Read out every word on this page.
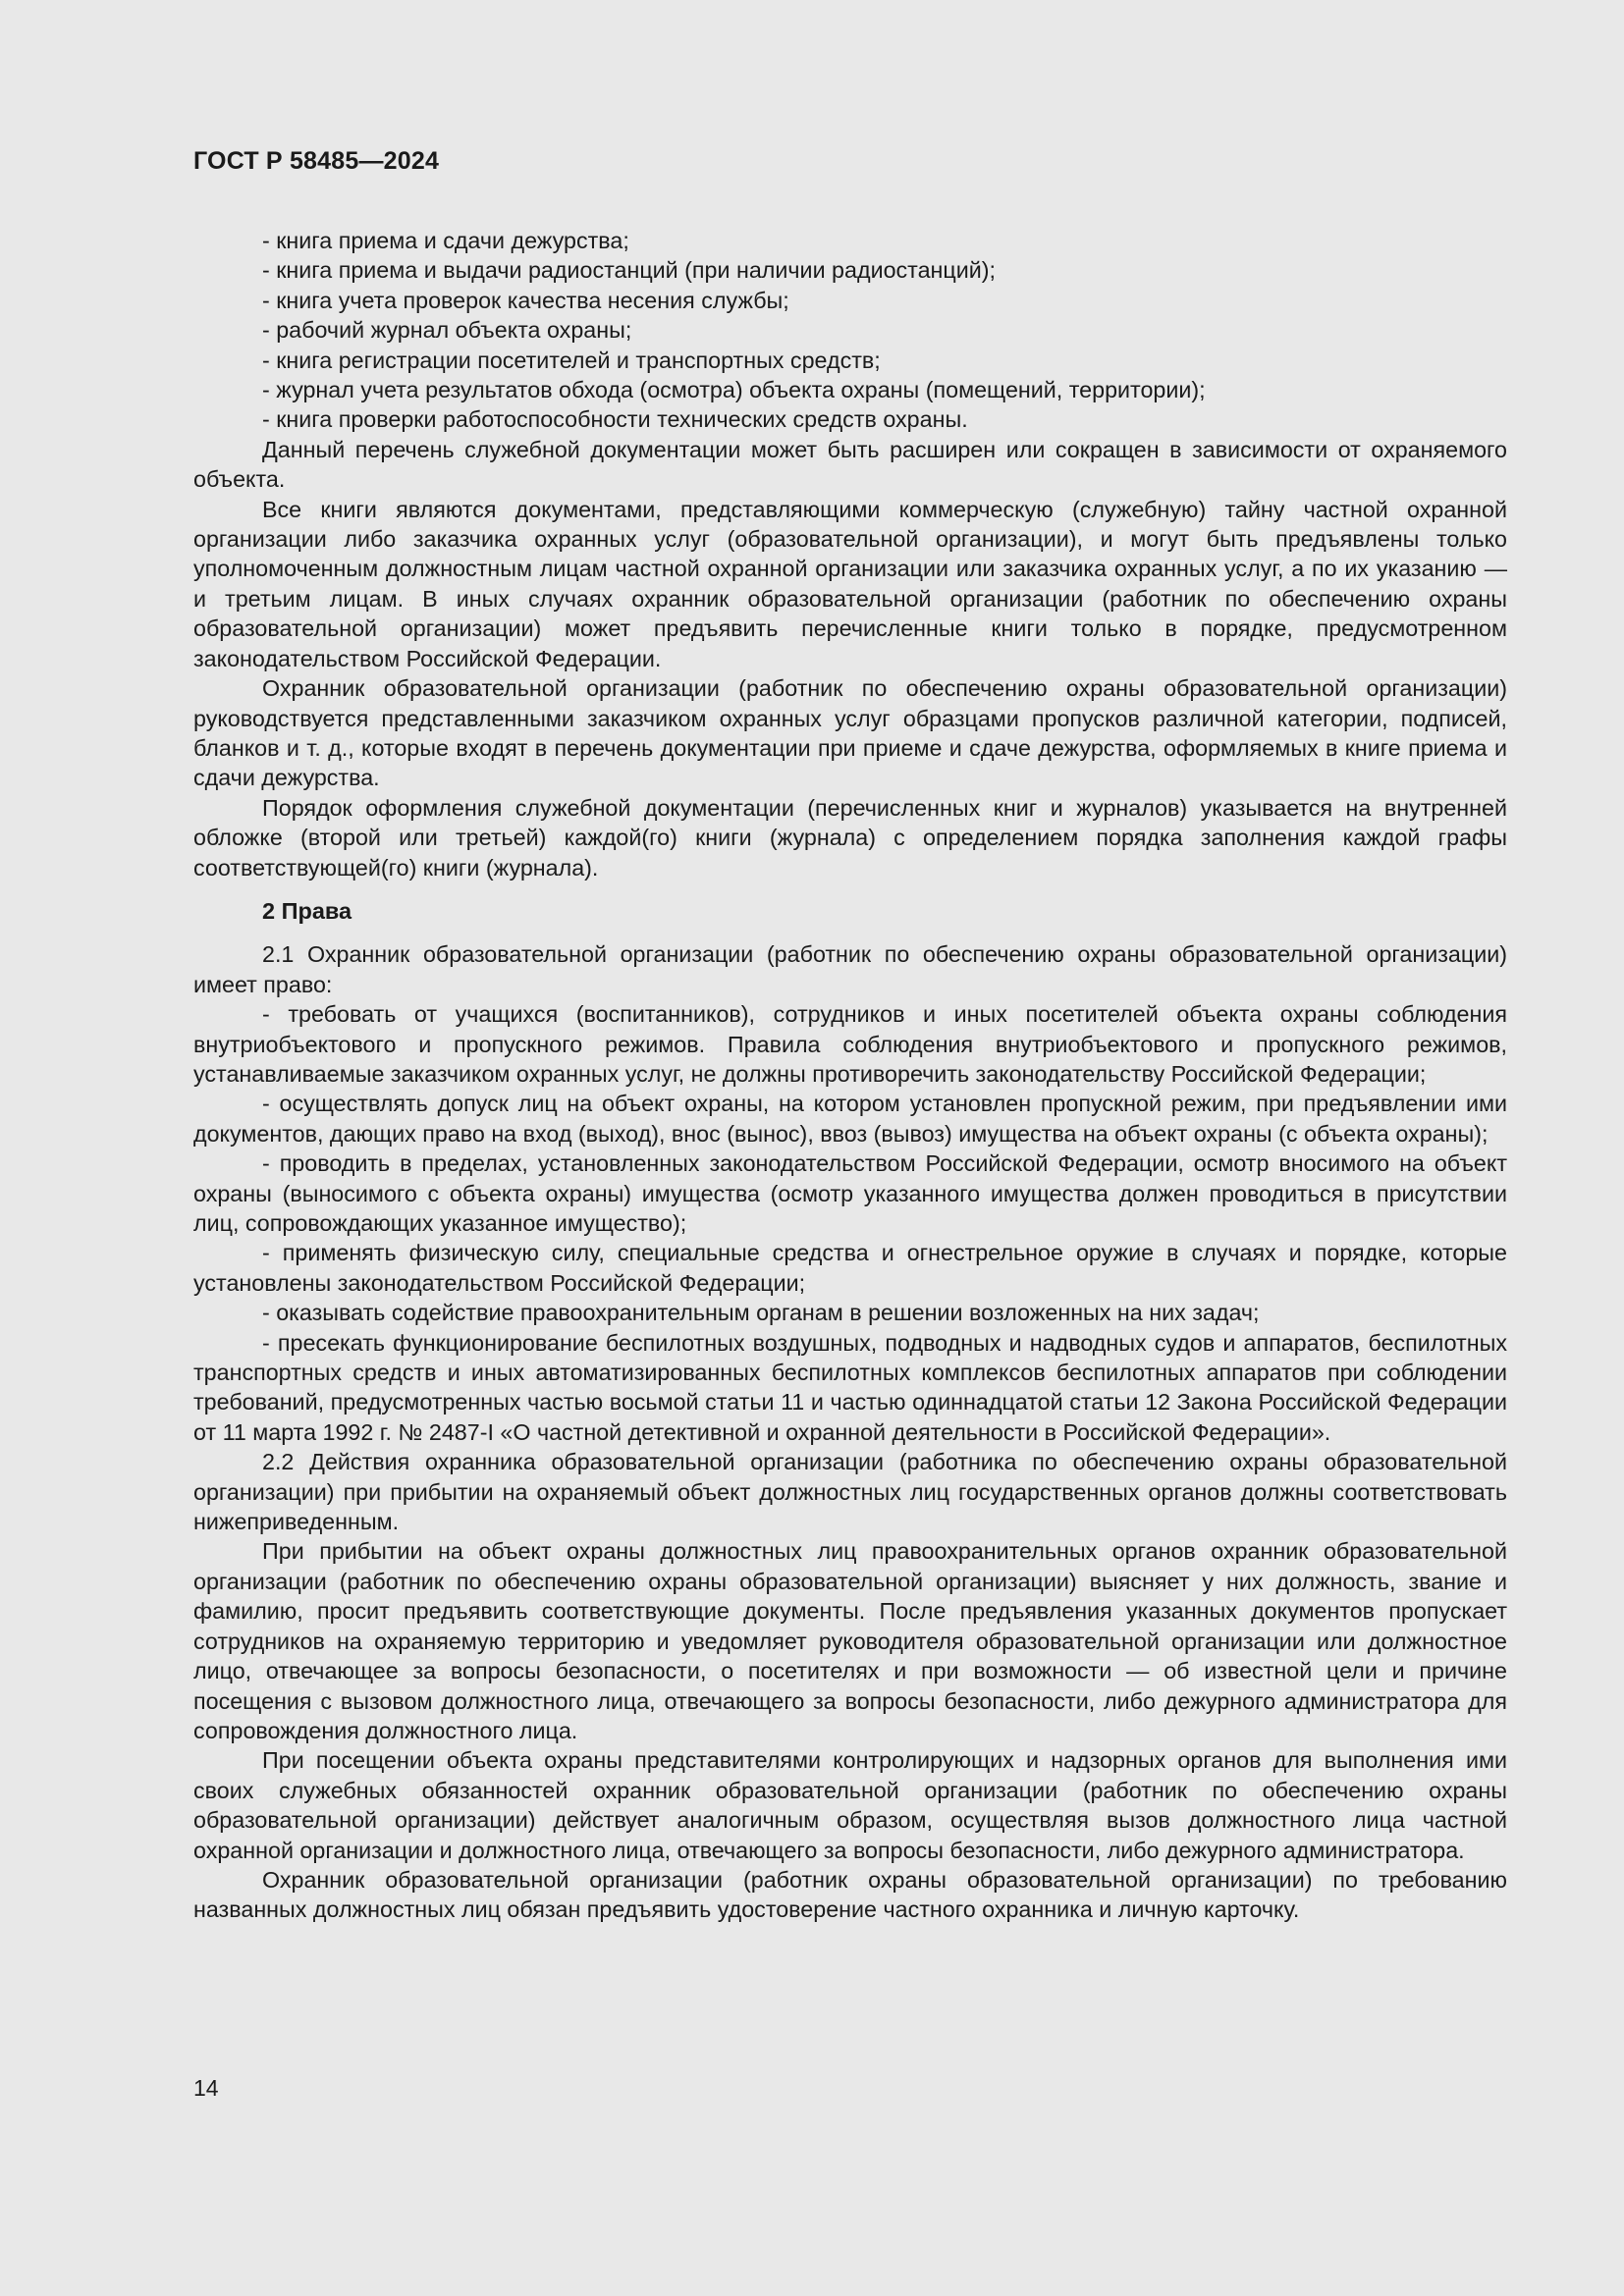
ГОСТ Р 58485—2024

- книга приема и сдачи дежурства;

- книга приема и выдачи радиостанций (при наличии радиостанций);

- книга учета проверок качества несения службы;

- рабочий журнал объекта охраны;

- книга регистрации посетителей и транспортных средств;

- журнал учета результатов обхода (осмотра) объекта охраны (помещений, территории);

- книга проверки работоспособности технических средств охраны.

Данный перечень служебной документации может быть расширен или сокращен в зависимости от охраняемого объекта.

Все книги являются документами, представляющими коммерческую (служебную) тайну частной охранной организации либо заказчика охранных услуг (образовательной организации), и могут быть предъявлены только уполномоченным должностным лицам частной охранной организации или заказчика охранных услуг, а по их указанию — и третьим лицам. В иных случаях охранник образовательной организации (работник по обеспечению охраны образовательной организации) может предъявить перечисленные книги только в порядке, предусмотренном законодательством Российской Федерации.

Охранник образовательной организации (работник по обеспечению охраны образовательной организации) руководствуется представленными заказчиком охранных услуг образцами пропусков различной категории, подписей, бланков и т. д., которые входят в перечень документации при приеме и сдаче дежурства, оформляемых в книге приема и сдачи дежурства.

Порядок оформления служебной документации (перечисленных книг и журналов) указывается на внутренней обложке (второй или третьей) каждой(го) книги (журнала) с определением порядка заполнения каждой графы соответствующей(го) книги (журнала).

2 Права

2.1 Охранник образовательной организации (работник по обеспечению охраны образовательной организации) имеет право:

- требовать от учащихся (воспитанников), сотрудников и иных посетителей объекта охраны соблюдения внутриобъектового и пропускного режимов. Правила соблюдения внутриобъектового и пропускного режимов, устанавливаемые заказчиком охранных услуг, не должны противоречить законодательству Российской Федерации;

- осуществлять допуск лиц на объект охраны, на котором установлен пропускной режим, при предъявлении ими документов, дающих право на вход (выход), внос (вынос), ввоз (вывоз) имущества на объект охраны (с объекта охраны);

- проводить в пределах, установленных законодательством Российской Федерации, осмотр вносимого на объект охраны (выносимого с объекта охраны) имущества (осмотр указанного имущества должен проводиться в присутствии лиц, сопровождающих указанное имущество);

- применять физическую силу, специальные средства и огнестрельное оружие в случаях и порядке, которые установлены законодательством Российской Федерации;

- оказывать содействие правоохранительным органам в решении возложенных на них задач;

- пресекать функционирование беспилотных воздушных, подводных и надводных судов и аппаратов, беспилотных транспортных средств и иных автоматизированных беспилотных комплексов беспилотных аппаратов при соблюдении требований, предусмотренных частью восьмой статьи 11 и частью одиннадцатой статьи 12 Закона Российской Федерации от 11 марта 1992 г. № 2487-I «О частной детективной и охранной деятельности в Российской Федерации».

2.2 Действия охранника образовательной организации (работника по обеспечению охраны образовательной организации) при прибытии на охраняемый объект должностных лиц государственных органов должны соответствовать нижеприведенным.

При прибытии на объект охраны должностных лиц правоохранительных органов охранник образовательной организации (работник по обеспечению охраны образовательной организации) выясняет у них должность, звание и фамилию, просит предъявить соответствующие документы. После предъявления указанных документов пропускает сотрудников на охраняемую территорию и уведомляет руководителя образовательной организации или должностное лицо, отвечающее за вопросы безопасности, о посетителях и при возможности — об известной цели и причине посещения с вызовом должностного лица, отвечающего за вопросы безопасности, либо дежурного администратора для сопровождения должностного лица.

При посещении объекта охраны представителями контролирующих и надзорных органов для выполнения ими своих служебных обязанностей охранник образовательной организации (работник по обеспечению охраны образовательной организации) действует аналогичным образом, осуществляя вызов должностного лица частной охранной организации и должностного лица, отвечающего за вопросы безопасности, либо дежурного администратора.

Охранник образовательной организации (работник охраны образовательной организации) по требованию названных должностных лиц обязан предъявить удостоверение частного охранника и личную карточку.

14
